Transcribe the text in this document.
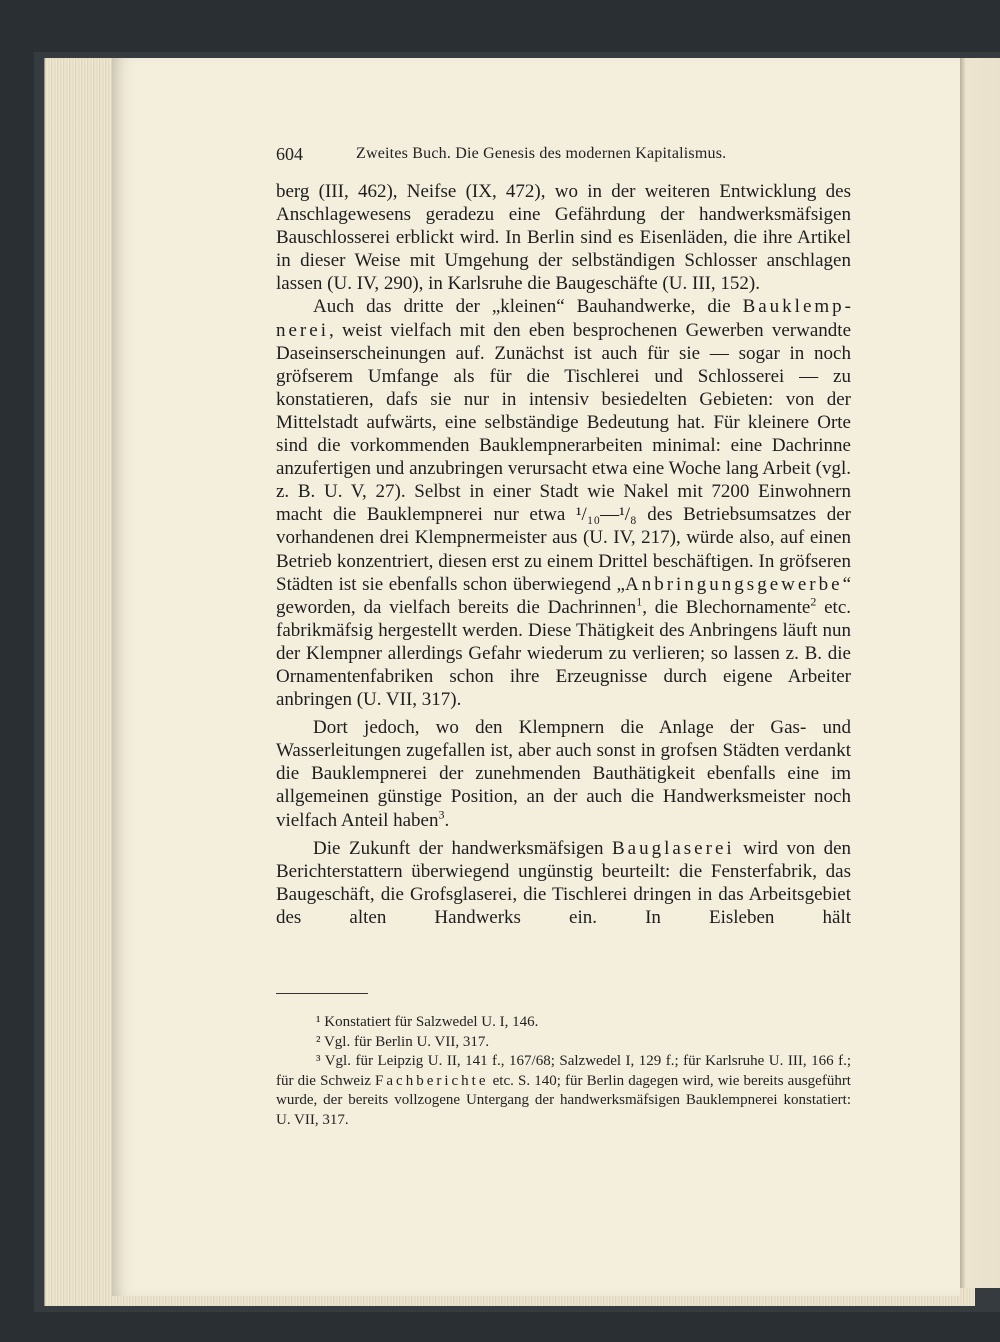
604	Zweites Buch. Die Genesis des modernen Kapitalismus.

berg (III, 462), Neifse (IX, 472), wo in der weiteren Entwicklung des Anschlagewesens geradezu eine Gefährdung der handwerksmäfsigen Bauschlosserei erblickt wird. In Berlin sind es Eisenläden, die ihre Artikel in dieser Weise mit Umgehung der selbständigen Schlosser anschlagen lassen (U. IV, 290), in Karlsruhe die Baugeschäfte (U. III, 152).

Auch das dritte der „kleinen“ Bauhandwerke, die Bauklempnerei, weist vielfach mit den eben besprochenen Gewerben verwandte Daseinserscheinungen auf. Zunächst ist auch für sie — sogar in noch gröfserem Umfange als für die Tischlerei und Schlosserei — zu konstatieren, dafs sie nur in intensiv besiedelten Gebieten: von der Mittelstadt aufwärts, eine selbständige Bedeutung hat. Für kleinere Orte sind die vorkommenden Bauklempnerarbeiten minimal: eine Dachrinne anzufertigen und anzubringen verursacht etwa eine Woche lang Arbeit (vgl. z. B. U. V, 27). Selbst in einer Stadt wie Nakel mit 7200 Einwohnern macht die Bauklempnerei nur etwa ¹/₁₀—¹/₈ des Betriebsumsatzes der vorhandenen drei Klempnermeister aus (U. IV, 217), würde also, auf einen Betrieb konzentriert, diesen erst zu einem Drittel beschäftigen. In gröfseren Städten ist sie ebenfalls schon überwiegend „Anbringungsgewerbe“ geworden, da vielfach bereits die Dachrinnen$^1$, die Blechornamente$^2$ etc. fabrikmäfsig hergestellt werden. Diese Thätigkeit des Anbringens läuft nun der Klempner allerdings Gefahr wiederum zu verlieren; so lassen z. B. die Ornamentenfabriken schon ihre Erzeugnisse durch eigene Arbeiter anbringen (U. VII, 317).

Dort jedoch, wo den Klempnern die Anlage der Gas- und Wasserleitungen zugefallen ist, aber auch sonst in grofsen Städten verdankt die Bauklempnerei der zunehmenden Bauthätigkeit ebenfalls eine im allgemeinen günstige Position, an der auch die Handwerksmeister noch vielfach Anteil haben$^3$.

Die Zukunft der handwerksmäfsigen Bauglaserei wird von den Berichterstattern überwiegend ungünstig beurteilt: die Fensterfabrik, das Baugeschäft, die Grofsglaserei, die Tischlerei dringen in das Arbeitsgebiet des alten Handwerks ein. In Eisleben hält

¹ Konstatiert für Salzwedel U. I, 146.

² Vgl. für Berlin U. VII, 317.

³ Vgl. für Leipzig U. II, 141 f., 167/68; Salzwedel I, 129 f.; für Karlsruhe U. III, 166 f.; für die Schweiz Fachberichte etc. S. 140; für Berlin dagegen wird, wie bereits ausgeführt wurde, der bereits vollzogene Untergang der handwerksmäfsigen Bauklempnerei konstatiert: U. VII, 317.
